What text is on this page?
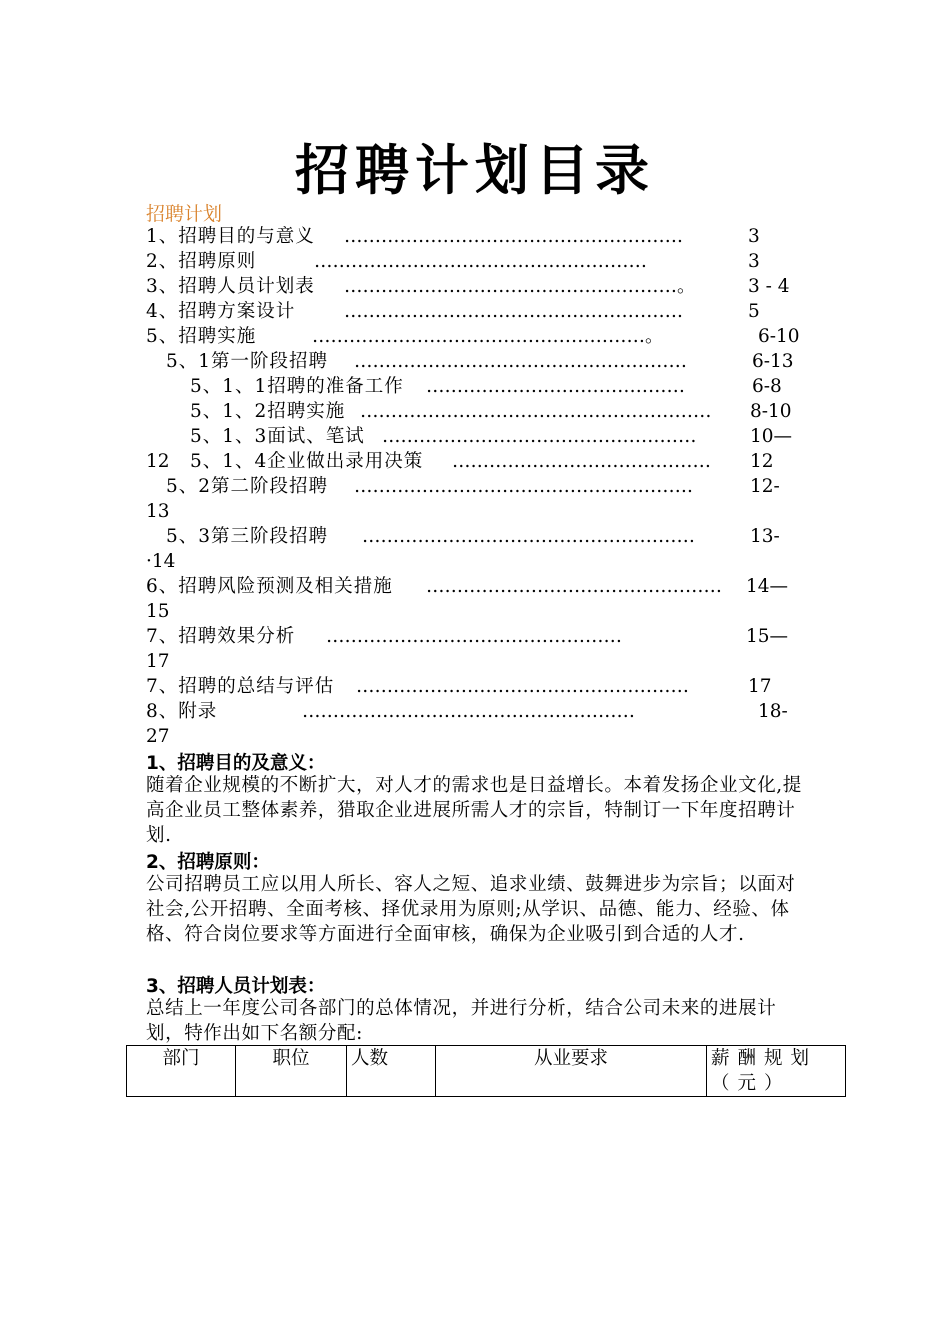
招聘计划目录
招聘计划
1、招聘目的与意义 ……………………………………………….	3
2、招聘原则	………………………………………………	3
3、招聘人员计划表 ………………………………………………。	3 - 4
4、招聘方案设计	……………………………………………….	5
5、招聘实施	………………………………………………。	6-10
5、1第一阶段招聘 ………………………………………………	6-13
5、1、1招聘的准备工作 ……………………………………	6-8
5、1、2招聘实施 ………………………………………………… 8-10
5、1、3面试、笔试 ……………………………………………	10—
12 5、1、4企业做出录用决策 …………………………………… 12
5、2第二阶段招聘 ……………………………………………….	12-
13
5、3第三阶段招聘 ………………………………………………	13-
·14
6、招聘风险预测及相关措施 ………………………………………… 14—
15
7、招聘效果分析 …………………………………………	15—
17
7、招聘的总结与评估 ………………………………………………	17
8、附录	………………………………………………	18-
27
1、招聘目的及意义：
随着企业规模的不断扩大，对人才的需求也是日益增长。本着发扬企业文化,提高企业员工整体素养，猎取企业进展所需人才的宗旨，特制订一下年度招聘计划.
2、招聘原则：
公司招聘员工应以用人所长、容人之短、追求业绩、鼓舞进步为宗旨；以面对社会,公开招聘、全面考核、择优录用为原则;从学识、品德、能力、经验、体格、符合岗位要求等方面进行全面审核，确保为企业吸引到合适的人才.
3、招聘人员计划表：
总结上一年度公司各部门的总体情况，并进行分析，结合公司未来的进展计划，特作出如下名额分配:
部门	职位	人数	从业要求	薪酬规划（元）
